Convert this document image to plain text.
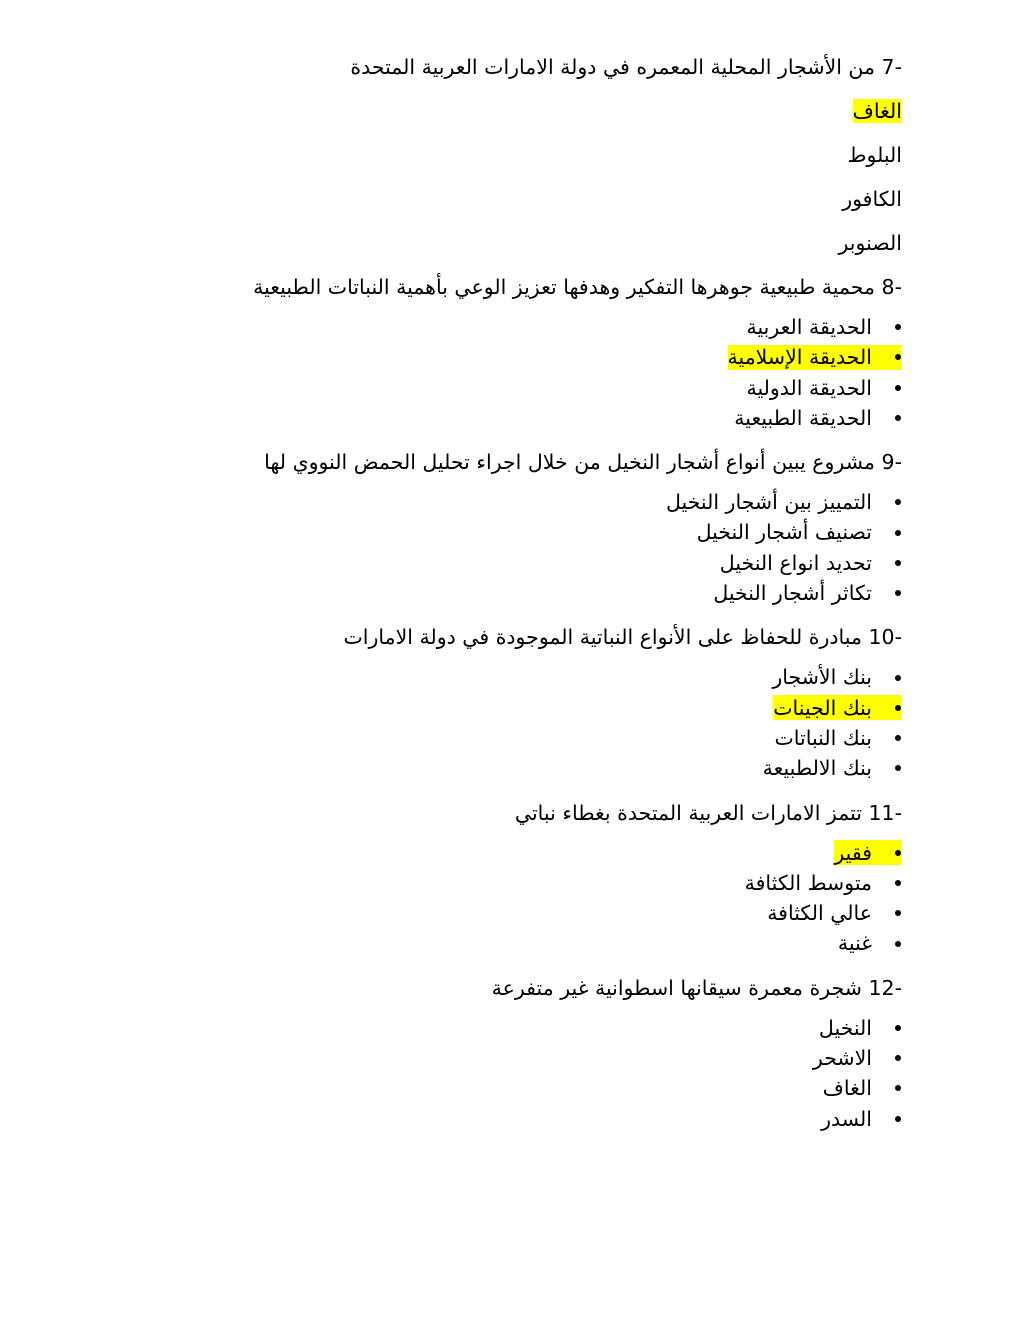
7- من الأشجار المحلية المعمره في دولة الامارات العربية المتحدة
الغاف
البلوط
الكافور
الصنوبر
8- محمية طبيعية جوهرها التفكير وهدفها تعزيز الوعي بأهمية النباتات الطبيعية
الحديقة العربية
الحديقة الإسلامية
الحديقة الدولية
الحديقة الطبيعية
9- مشروع يبين أنواع أشجار النخيل من خلال اجراء تحليل الحمض النووي لها
التمييز بين أشجار النخيل
تصنيف أشجار النخيل
تحديد انواع النخيل
تكاثر أشجار النخيل
10- مبادرة للحفاظ على الأنواع النباتية الموجودة في دولة الامارات
بنك الأشجار
بنك الجينات
بنك النباتات
بنك الالطبيعة
11- تتمز الامارات العربية المتحدة بغطاء نباتي
فقير
متوسط الكثافة
عالي الكثافة
غنية
12- شجرة معمرة سيقانها اسطوانية غير متفرعة
النخيل
الاشحر
الغاف
السدر
